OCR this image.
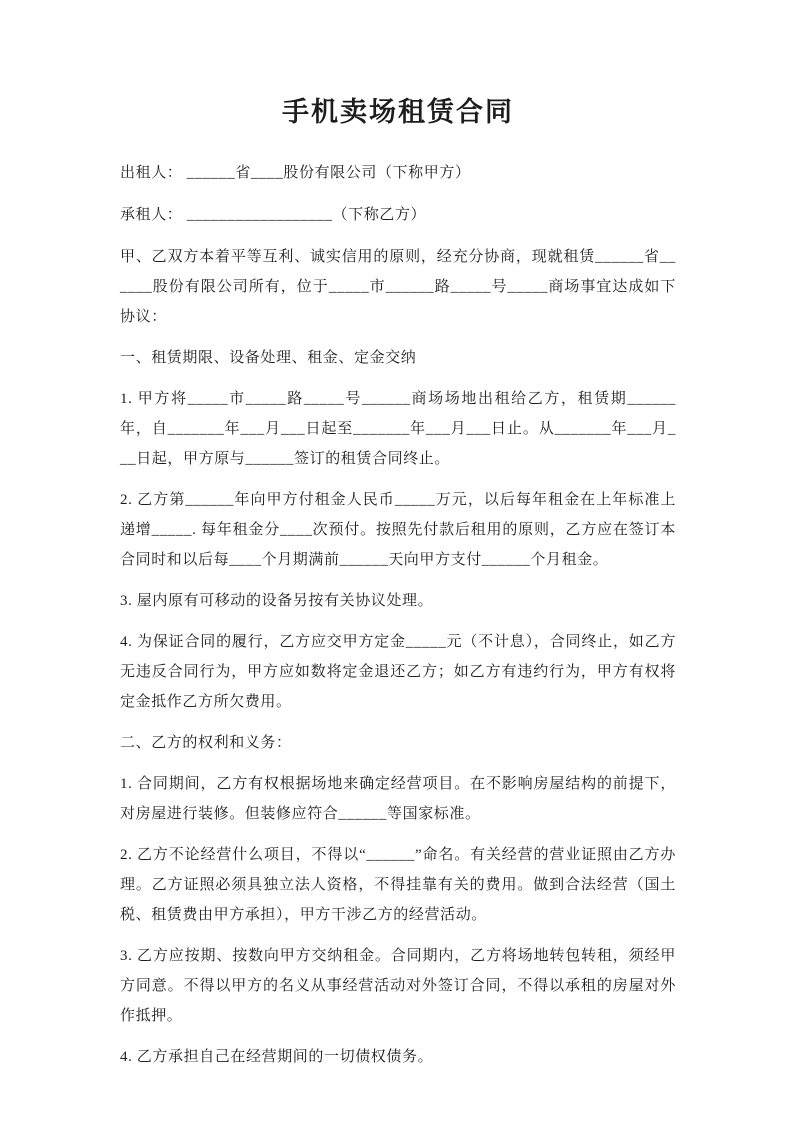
手机卖场租赁合同

出租人： ______省____股份有限公司（下称甲方）

承租人： __________________（下称乙方）

甲、乙双方本着平等互利、诚实信用的原则，经充分协商，现就租赁______省______股份有限公司所有，位于_____市______路_____号_____商场事宜达成如下协议：

一、租赁期限、设备处理、租金、定金交纳

1. 甲方将_____市_____路_____号______商场场地出租给乙方，租赁期______年，自_______年___月___日起至_______年___月___日止。从_______年___月___日起，甲方原与______签订的租赁合同终止。

2. 乙方第______年向甲方付租金人民币_____万元，以后每年租金在上年标准上递增_____. 每年租金分____次预付。按照先付款后租用的原则，乙方应在签订本合同时和以后每____个月期满前______天向甲方支付______个月租金。

3. 屋内原有可移动的设备另按有关协议处理。

4. 为保证合同的履行，乙方应交甲方定金_____元（不计息），合同终止，如乙方无违反合同行为，甲方应如数将定金退还乙方；如乙方有违约行为，甲方有权将定金抵作乙方所欠费用。

二、乙方的权利和义务：

1. 合同期间，乙方有权根据场地来确定经营项目。在不影响房屋结构的前提下，对房屋进行装修。但装修应符合______等国家标准。

2. 乙方不论经营什么项目，不得以“______”命名。有关经营的营业证照由乙方办理。乙方证照必须具独立法人资格，不得挂靠有关的费用。做到合法经营（国土税、租赁费由甲方承担），甲方干涉乙方的经营活动。

3. 乙方应按期、按数向甲方交纳租金。合同期内，乙方将场地转包转租，须经甲方同意。不得以甲方的名义从事经营活动对外签订合同，不得以承租的房屋对外作抵押。

4. 乙方承担自己在经营期间的一切债权债务。
